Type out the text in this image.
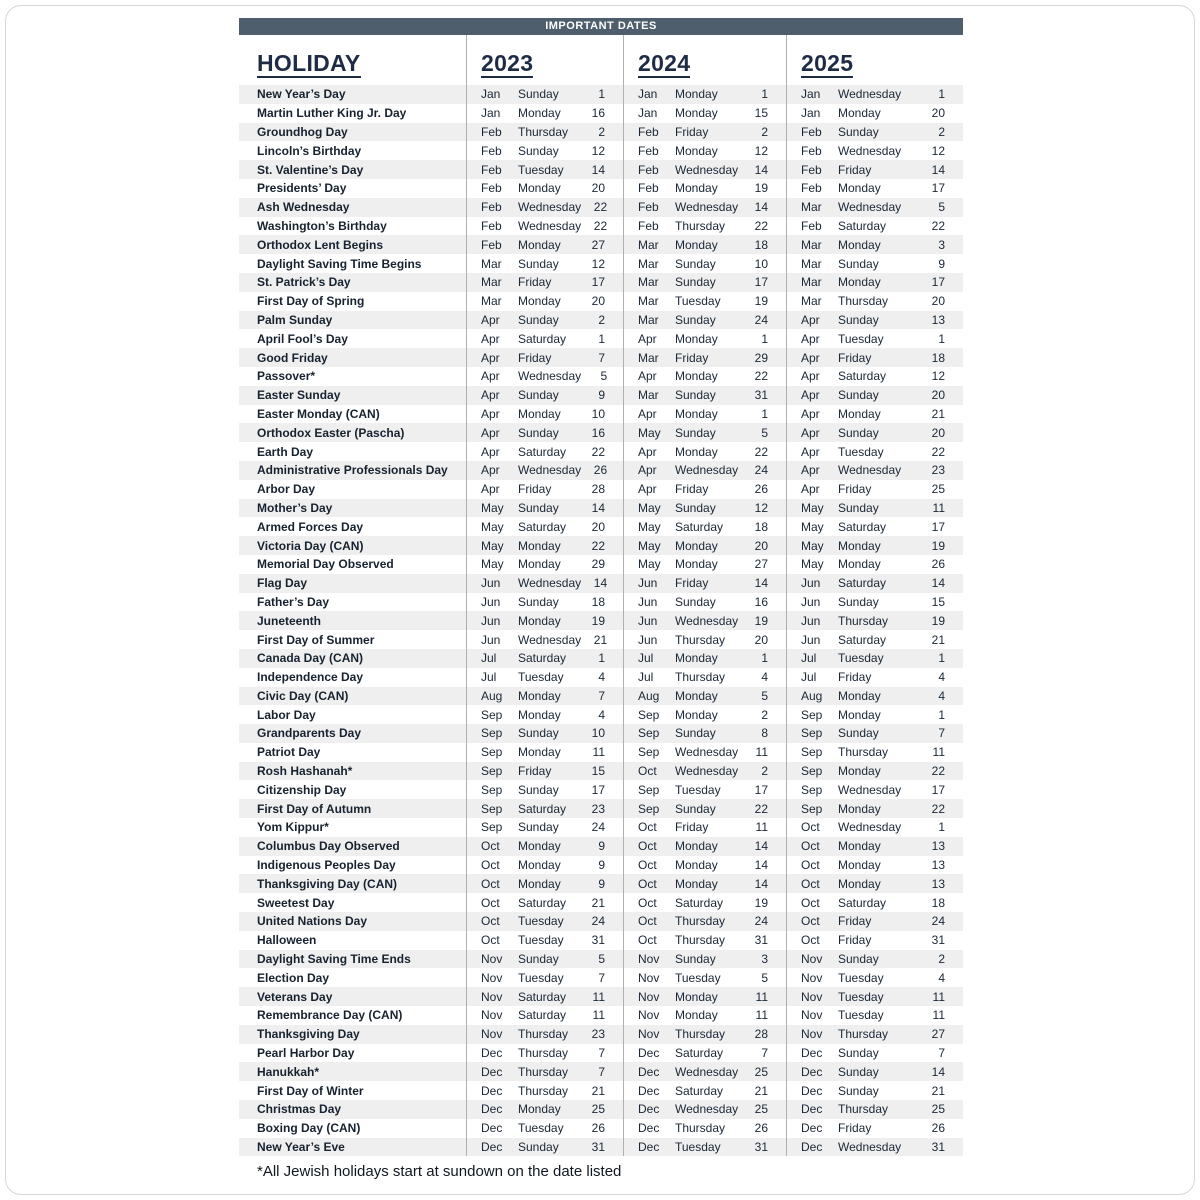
IMPORTANT DATES
HOLIDAY	2023	2024	2025
New Year’s Day	Jan	Sunday	1	Jan	Monday	1	Jan	Wednesday	1
Martin Luther King Jr. Day	Jan	Monday	16	Jan	Monday	15	Jan	Monday	20
Groundhog Day	Feb	Thursday	2	Feb	Friday	2	Feb	Sunday	2
Lincoln’s Birthday	Feb	Sunday	12	Feb	Monday	12	Feb	Wednesday	12
St. Valentine’s Day	Feb	Tuesday	14	Feb	Wednesday	14	Feb	Friday	14
Presidents’ Day	Feb	Monday	20	Feb	Monday	19	Feb	Monday	17
Ash Wednesday	Feb	Wednesday	22	Feb	Wednesday	14	Mar	Wednesday	5
Washington’s Birthday	Feb	Wednesday	22	Feb	Thursday	22	Feb	Saturday	22
Orthodox Lent Begins	Feb	Monday	27	Mar	Monday	18	Mar	Monday	3
Daylight Saving Time Begins	Mar	Sunday	12	Mar	Sunday	10	Mar	Sunday	9
St. Patrick’s Day	Mar	Friday	17	Mar	Sunday	17	Mar	Monday	17
First Day of Spring	Mar	Monday	20	Mar	Tuesday	19	Mar	Thursday	20
Palm Sunday	Apr	Sunday	2	Mar	Sunday	24	Apr	Sunday	13
April Fool’s Day	Apr	Saturday	1	Apr	Monday	1	Apr	Tuesday	1
Good Friday	Apr	Friday	7	Mar	Friday	29	Apr	Friday	18
Passover*	Apr	Wednesday	5	Apr	Monday	22	Apr	Saturday	12
Easter Sunday	Apr	Sunday	9	Mar	Sunday	31	Apr	Sunday	20
Easter Monday (CAN)	Apr	Monday	10	Apr	Monday	1	Apr	Monday	21
Orthodox Easter (Pascha)	Apr	Sunday	16	May	Sunday	5	Apr	Sunday	20
Earth Day	Apr	Saturday	22	Apr	Monday	22	Apr	Tuesday	22
Administrative Professionals Day	Apr	Wednesday	26	Apr	Wednesday	24	Apr	Wednesday	23
Arbor Day	Apr	Friday	28	Apr	Friday	26	Apr	Friday	25
Mother’s Day	May	Sunday	14	May	Sunday	12	May	Sunday	11
Armed Forces Day	May	Saturday	20	May	Saturday	18	May	Saturday	17
Victoria Day (CAN)	May	Monday	22	May	Monday	20	May	Monday	19
Memorial Day Observed	May	Monday	29	May	Monday	27	May	Monday	26
Flag Day	Jun	Wednesday	14	Jun	Friday	14	Jun	Saturday	14
Father’s Day	Jun	Sunday	18	Jun	Sunday	16	Jun	Sunday	15
Juneteenth	Jun	Monday	19	Jun	Wednesday	19	Jun	Thursday	19
First Day of Summer	Jun	Wednesday	21	Jun	Thursday	20	Jun	Saturday	21
Canada Day (CAN)	Jul	Saturday	1	Jul	Monday	1	Jul	Tuesday	1
Independence Day	Jul	Tuesday	4	Jul	Thursday	4	Jul	Friday	4
Civic Day (CAN)	Aug	Monday	7	Aug	Monday	5	Aug	Monday	4
Labor Day	Sep	Monday	4	Sep	Monday	2	Sep	Monday	1
Grandparents Day	Sep	Sunday	10	Sep	Sunday	8	Sep	Sunday	7
Patriot Day	Sep	Monday	11	Sep	Wednesday	11	Sep	Thursday	11
Rosh Hashanah*	Sep	Friday	15	Oct	Wednesday	2	Sep	Monday	22
Citizenship Day	Sep	Sunday	17	Sep	Tuesday	17	Sep	Wednesday	17
First Day of Autumn	Sep	Saturday	23	Sep	Sunday	22	Sep	Monday	22
Yom Kippur*	Sep	Sunday	24	Oct	Friday	11	Oct	Wednesday	1
Columbus Day Observed	Oct	Monday	9	Oct	Monday	14	Oct	Monday	13
Indigenous Peoples Day	Oct	Monday	9	Oct	Monday	14	Oct	Monday	13
Thanksgiving Day (CAN)	Oct	Monday	9	Oct	Monday	14	Oct	Monday	13
Sweetest Day	Oct	Saturday	21	Oct	Saturday	19	Oct	Saturday	18
United Nations Day	Oct	Tuesday	24	Oct	Thursday	24	Oct	Friday	24
Halloween	Oct	Tuesday	31	Oct	Thursday	31	Oct	Friday	31
Daylight Saving Time Ends	Nov	Sunday	5	Nov	Sunday	3	Nov	Sunday	2
Election Day	Nov	Tuesday	7	Nov	Tuesday	5	Nov	Tuesday	4
Veterans Day	Nov	Saturday	11	Nov	Monday	11	Nov	Tuesday	11
Remembrance Day (CAN)	Nov	Saturday	11	Nov	Monday	11	Nov	Tuesday	11
Thanksgiving Day	Nov	Thursday	23	Nov	Thursday	28	Nov	Thursday	27
Pearl Harbor Day	Dec	Thursday	7	Dec	Saturday	7	Dec	Sunday	7
Hanukkah*	Dec	Thursday	7	Dec	Wednesday	25	Dec	Sunday	14
First Day of Winter	Dec	Thursday	21	Dec	Saturday	21	Dec	Sunday	21
Christmas Day	Dec	Monday	25	Dec	Wednesday	25	Dec	Thursday	25
Boxing Day (CAN)	Dec	Tuesday	26	Dec	Thursday	26	Dec	Friday	26
New Year’s Eve	Dec	Sunday	31	Dec	Tuesday	31	Dec	Wednesday	31
*All Jewish holidays start at sundown on the date listed
